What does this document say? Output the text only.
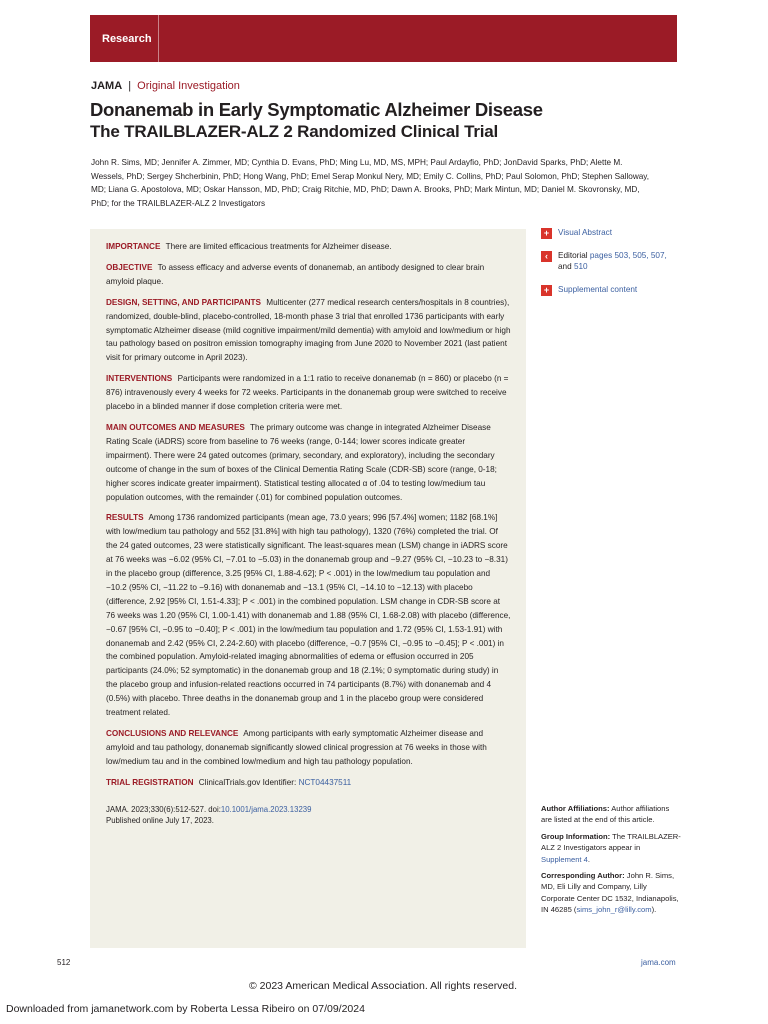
Research
JAMA | Original Investigation
Donanemab in Early Symptomatic Alzheimer Disease
The TRAILBLAZER-ALZ 2 Randomized Clinical Trial

John R. Sims, MD; Jennifer A. Zimmer, MD; Cynthia D. Evans, PhD; Ming Lu, MD, MS, MPH; Paul Ardayfio, PhD; JonDavid Sparks, PhD; Alette M. Wessels, PhD; Sergey Shcherbinin, PhD; Hong Wang, PhD; Emel Serap Monkul Nery, MD; Emily C. Collins, PhD; Paul Solomon, PhD; Stephen Salloway, MD; Liana G. Apostolova, MD; Oskar Hansson, MD, PhD; Craig Ritchie, MD, PhD; Dawn A. Brooks, PhD; Mark Mintun, MD; Daniel M. Skovronsky, MD, PhD; for the TRAILBLAZER-ALZ 2 Investigators

IMPORTANCE There are limited efficacious treatments for Alzheimer disease.

OBJECTIVE To assess efficacy and adverse events of donanemab, an antibody designed to clear brain amyloid plaque.

DESIGN, SETTING, AND PARTICIPANTS Multicenter (277 medical research centers/hospitals in 8 countries), randomized, double-blind, placebo-controlled, 18-month phase 3 trial that enrolled 1736 participants with early symptomatic Alzheimer disease (mild cognitive impairment/mild dementia) with amyloid and low/medium or high tau pathology based on positron emission tomography imaging from June 2020 to November 2021 (last patient visit for primary outcome in April 2023).

INTERVENTIONS Participants were randomized in a 1:1 ratio to receive donanemab (n = 860) or placebo (n = 876) intravenously every 4 weeks for 72 weeks. Participants in the donanemab group were switched to receive placebo in a blinded manner if dose completion criteria were met.

MAIN OUTCOMES AND MEASURES The primary outcome was change in integrated Alzheimer Disease Rating Scale (iADRS) score from baseline to 76 weeks (range, 0-144; lower scores indicate greater impairment). There were 24 gated outcomes (primary, secondary, and exploratory), including the secondary outcome of change in the sum of boxes of the Clinical Dementia Rating Scale (CDR-SB) score (range, 0-18; higher scores indicate greater impairment). Statistical testing allocated α of .04 to testing low/medium tau population outcomes, with the remainder (.01) for combined population outcomes.

RESULTS Among 1736 randomized participants (mean age, 73.0 years; 996 [57.4%] women; 1182 [68.1%] with low/medium tau pathology and 552 [31.8%] with high tau pathology), 1320 (76%) completed the trial. Of the 24 gated outcomes, 23 were statistically significant. The least-squares mean (LSM) change in iADRS score at 76 weeks was −6.02 (95% CI, −7.01 to −5.03) in the donanemab group and −9.27 (95% CI, −10.23 to −8.31) in the placebo group (difference, 3.25 [95% CI, 1.88-4.62]; P < .001) in the low/medium tau population and −10.2 (95% CI, −11.22 to −9.16) with donanemab and −13.1 (95% CI, −14.10 to −12.13) with placebo (difference, 2.92 [95% CI, 1.51-4.33]; P < .001) in the combined population. LSM change in CDR-SB score at 76 weeks was 1.20 (95% CI, 1.00-1.41) with donanemab and 1.88 (95% CI, 1.68-2.08) with placebo (difference, −0.67 [95% CI, −0.95 to −0.40]; P < .001) in the low/medium tau population and 1.72 (95% CI, 1.53-1.91) with donanemab and 2.42 (95% CI, 2.24-2.60) with placebo (difference, −0.7 [95% CI, −0.95 to −0.45]; P < .001) in the combined population. Amyloid-related imaging abnormalities of edema or effusion occurred in 205 participants (24.0%; 52 symptomatic) in the donanemab group and 18 (2.1%; 0 symptomatic during study) in the placebo group and infusion-related reactions occurred in 74 participants (8.7%) with donanemab and 4 (0.5%) with placebo. Three deaths in the donanemab group and 1 in the placebo group were considered treatment related.

CONCLUSIONS AND RELEVANCE Among participants with early symptomatic Alzheimer disease and amyloid and tau pathology, donanemab significantly slowed clinical progression at 76 weeks in those with low/medium tau and in the combined low/medium and high tau pathology population.

TRIAL REGISTRATION ClinicalTrials.gov Identifier: NCT04437511

JAMA. 2023;330(6):512-527. doi:10.1001/jama.2023.13239
Published online July 17, 2023.
+	Visual Abstract
‹	Editorial pages 503, 505, 507, and 510
+	Supplemental content

Author Affiliations: Author affiliations are listed at the end of this article.

Group Information: The TRAILBLAZER-ALZ 2 Investigators appear in Supplement 4.

Corresponding Author: John R. Sims, MD, Eli Lilly and Company, Lilly Corporate Center DC 1532, Indianapolis, IN 46285 (sims_john_r@lilly.com).

512	jama.com
© 2023 American Medical Association. All rights reserved.
Downloaded from jamanetwork.com by Roberta Lessa Ribeiro on 07/09/2024
